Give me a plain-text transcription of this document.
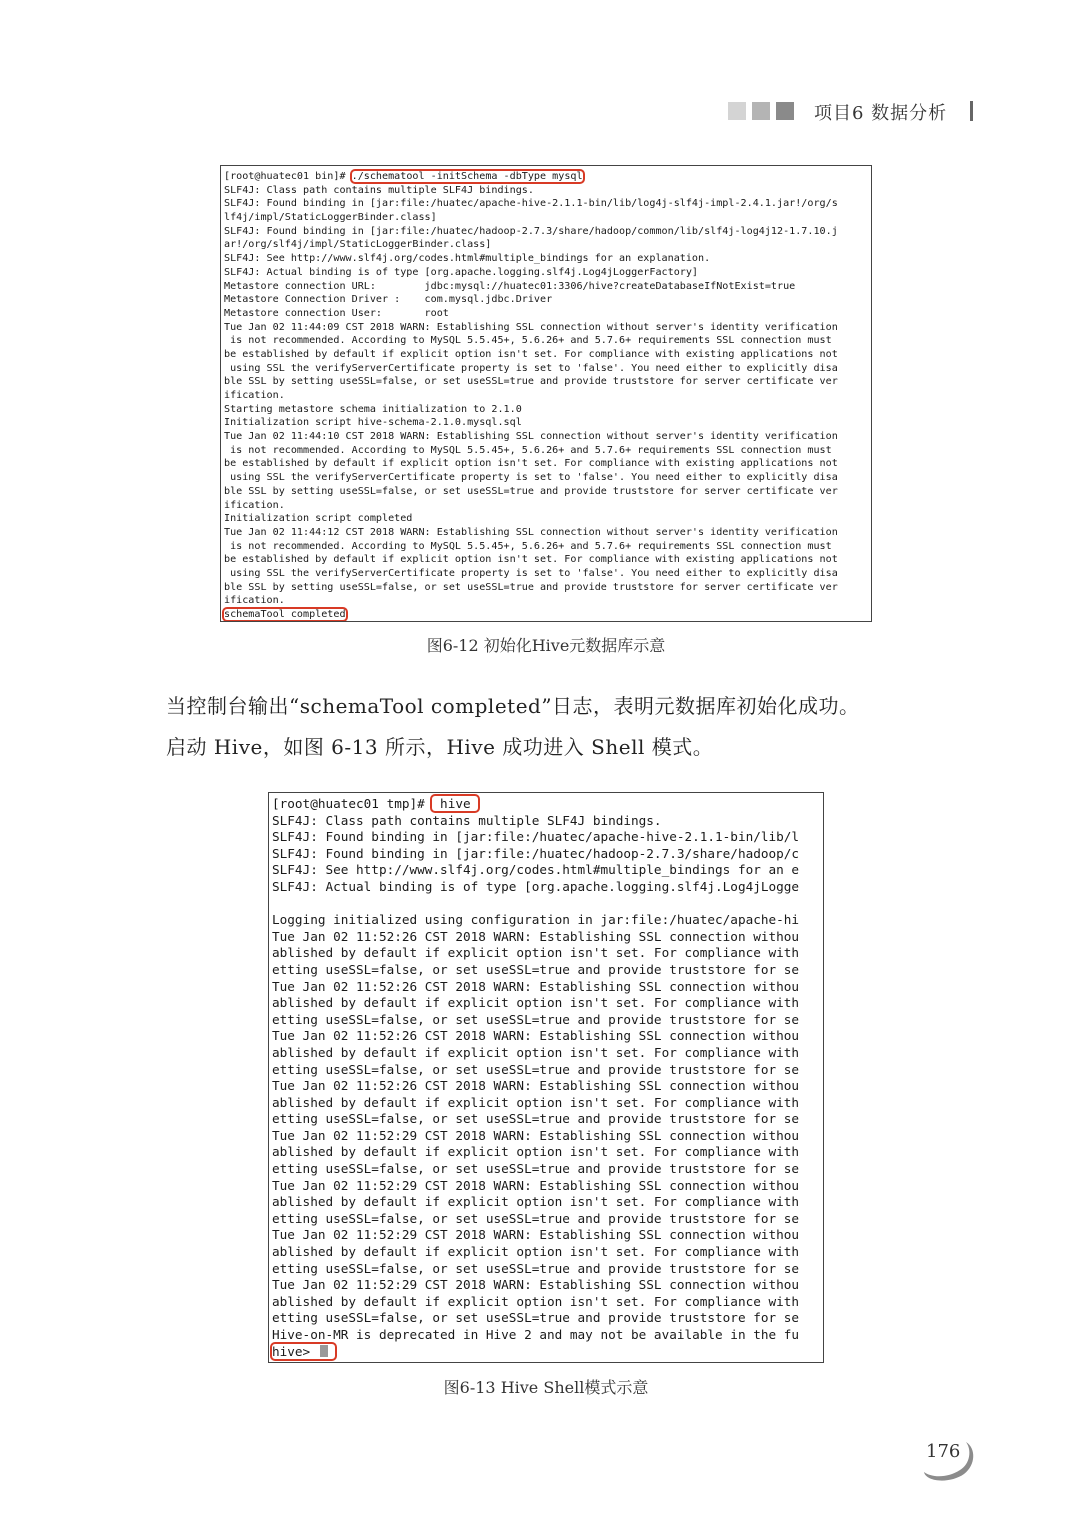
项目6 数据分析
[root@huatec01 bin]# ./schematool -initSchema -dbType mysql
SLF4J: Class path contains multiple SLF4J bindings.
SLF4J: Found binding in [jar:file:/huatec/apache-hive-2.1.1-bin/lib/log4j-slf4j-impl-2.4.1.jar!/org/s
lf4j/impl/StaticLoggerBinder.class]
SLF4J: Found binding in [jar:file:/huatec/hadoop-2.7.3/share/hadoop/common/lib/slf4j-log4j12-1.7.10.j
ar!/org/slf4j/impl/StaticLoggerBinder.class]
SLF4J: See http://www.slf4j.org/codes.html#multiple_bindings for an explanation.
SLF4J: Actual binding is of type [org.apache.logging.slf4j.Log4jLoggerFactory]
Metastore connection URL:        jdbc:mysql://huatec01:3306/hive?createDatabaseIfNotExist=true
Metastore Connection Driver :    com.mysql.jdbc.Driver
Metastore connection User:       root
Tue Jan 02 11:44:09 CST 2018 WARN: Establishing SSL connection without server's identity verification
is not recommended. According to MySQL 5.5.45+, 5.6.26+ and 5.7.6+ requirements SSL connection must
be established by default if explicit option isn't set. For compliance with existing applications not
using SSL the verifyServerCertificate property is set to 'false'. You need either to explicitly disa
ble SSL by setting useSSL=false, or set useSSL=true and provide truststore for server certificate ver
ification.
Starting metastore schema initialization to 2.1.0
Initialization script hive-schema-2.1.0.mysql.sql
Tue Jan 02 11:44:10 CST 2018 WARN: Establishing SSL connection without server's identity verification
is not recommended. According to MySQL 5.5.45+, 5.6.26+ and 5.7.6+ requirements SSL connection must
be established by default if explicit option isn't set. For compliance with existing applications not
using SSL the verifyServerCertificate property is set to 'false'. You need either to explicitly disa
ble SSL by setting useSSL=false, or set useSSL=true and provide truststore for server certificate ver
ification.
Initialization script completed
Tue Jan 02 11:44:12 CST 2018 WARN: Establishing SSL connection without server's identity verification
is not recommended. According to MySQL 5.5.45+, 5.6.26+ and 5.7.6+ requirements SSL connection must
be established by default if explicit option isn't set. For compliance with existing applications not
using SSL the verifyServerCertificate property is set to 'false'. You need either to explicitly disa
ble SSL by setting useSSL=false, or set useSSL=true and provide truststore for server certificate ver
ification.
schemaTool completed
图6-12 初始化Hive元数据库示意
当控制台输出“schemaTool completed”日志，表明元数据库初始化成功。
启动 Hive，如图 6-13 所示，Hive 成功进入 Shell 模式。
[root@huatec01 tmp]#  hive
SLF4J: Class path contains multiple SLF4J bindings.
SLF4J: Found binding in [jar:file:/huatec/apache-hive-2.1.1-bin/lib/l
SLF4J: Found binding in [jar:file:/huatec/hadoop-2.7.3/share/hadoop/c
SLF4J: See http://www.slf4j.org/codes.html#multiple_bindings for an e
SLF4J: Actual binding is of type [org.apache.logging.slf4j.Log4jLogge
Logging initialized using configuration in jar:file:/huatec/apache-hi
Tue Jan 02 11:52:26 CST 2018 WARN: Establishing SSL connection withou
ablished by default if explicit option isn't set. For compliance with
etting useSSL=false, or set useSSL=true and provide truststore for se
Tue Jan 02 11:52:26 CST 2018 WARN: Establishing SSL connection withou
ablished by default if explicit option isn't set. For compliance with
etting useSSL=false, or set useSSL=true and provide truststore for se
Tue Jan 02 11:52:26 CST 2018 WARN: Establishing SSL connection withou
ablished by default if explicit option isn't set. For compliance with
etting useSSL=false, or set useSSL=true and provide truststore for se
Tue Jan 02 11:52:26 CST 2018 WARN: Establishing SSL connection withou
ablished by default if explicit option isn't set. For compliance with
etting useSSL=false, or set useSSL=true and provide truststore for se
Tue Jan 02 11:52:29 CST 2018 WARN: Establishing SSL connection withou
ablished by default if explicit option isn't set. For compliance with
etting useSSL=false, or set useSSL=true and provide truststore for se
Tue Jan 02 11:52:29 CST 2018 WARN: Establishing SSL connection withou
ablished by default if explicit option isn't set. For compliance with
etting useSSL=false, or set useSSL=true and provide truststore for se
Tue Jan 02 11:52:29 CST 2018 WARN: Establishing SSL connection withou
ablished by default if explicit option isn't set. For compliance with
etting useSSL=false, or set useSSL=true and provide truststore for se
Tue Jan 02 11:52:29 CST 2018 WARN: Establishing SSL connection withou
ablished by default if explicit option isn't set. For compliance with
etting useSSL=false, or set useSSL=true and provide truststore for se
Hive-on-MR is deprecated in Hive 2 and may not be available in the fu
hive>
图6-13 Hive Shell模式示意
176
